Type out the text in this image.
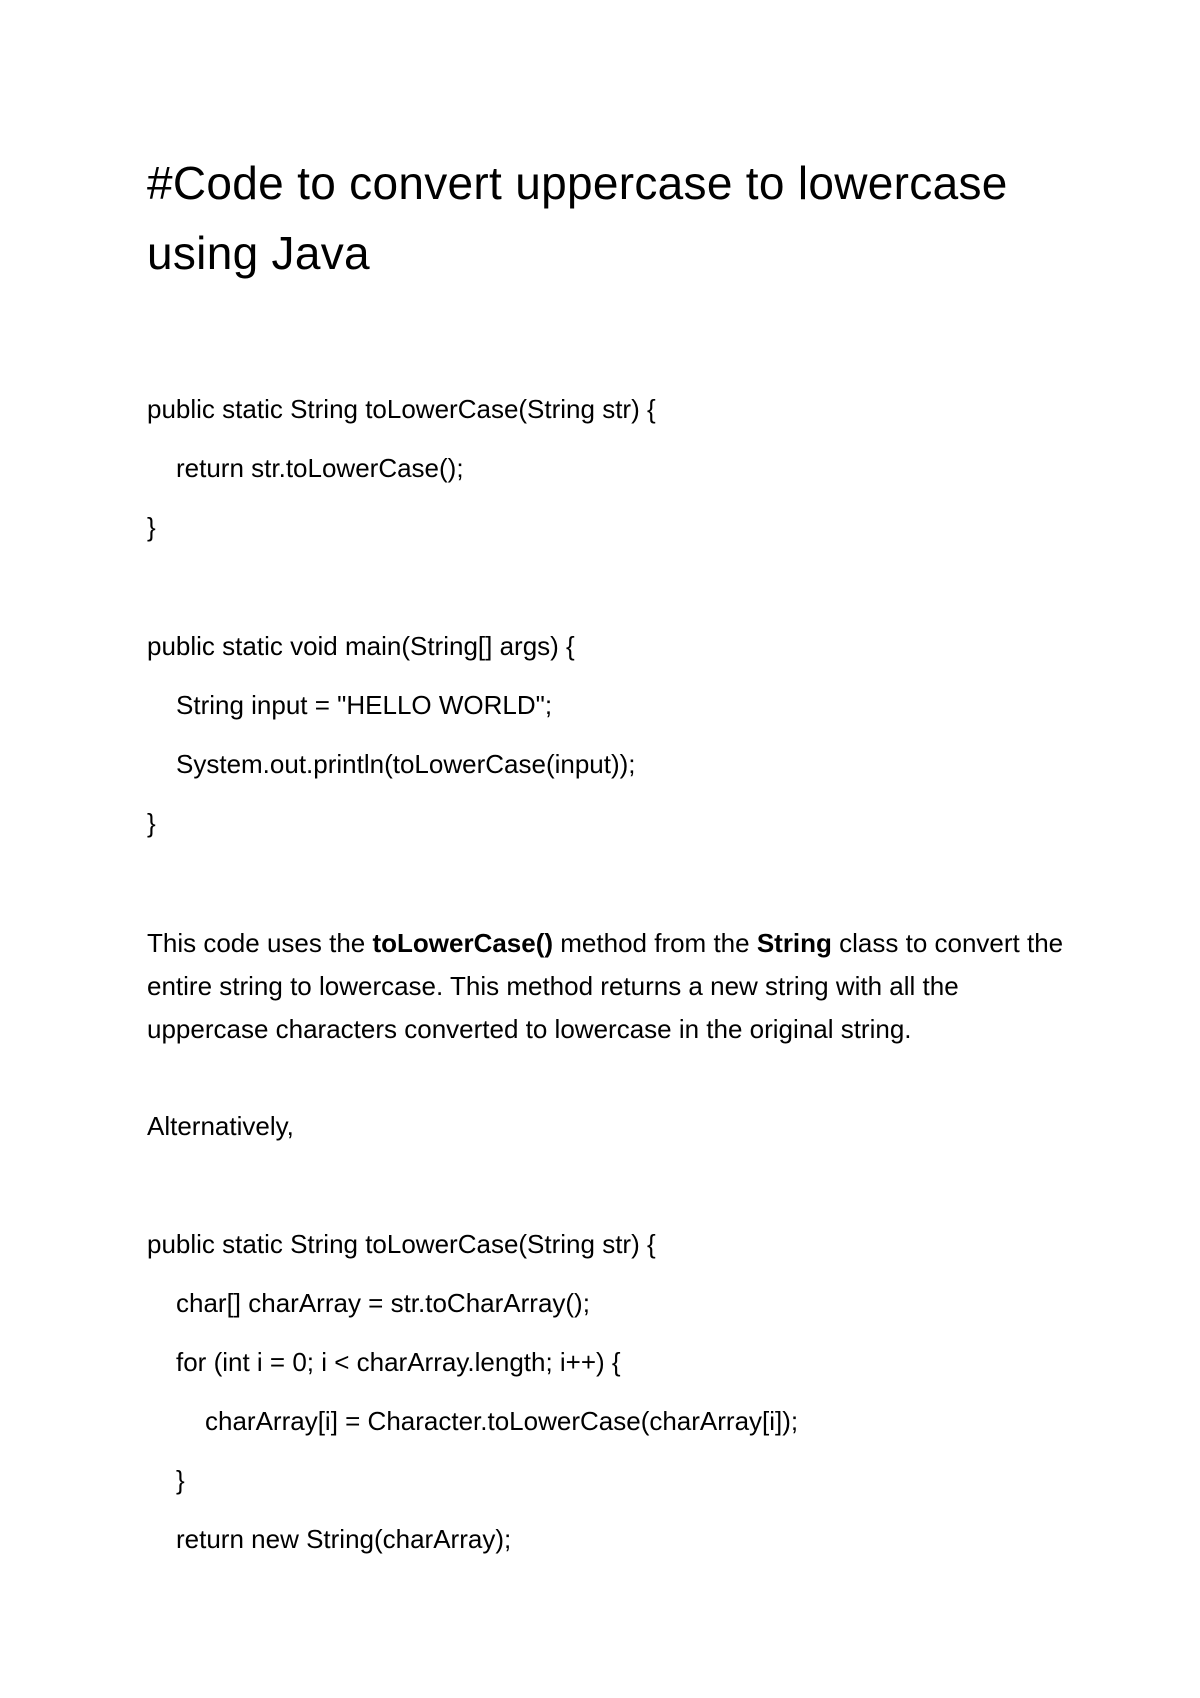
#Code to convert uppercase to lowercase using Java
public static String toLowerCase(String str) {
return str.toLowerCase();
}
public static void main(String[] args) {
String input = "HELLO WORLD";
System.out.println(toLowerCase(input));
}

This code uses the toLowerCase() method from the String class to convert the entire string to lowercase. This method returns a new string with all the uppercase characters converted to lowercase in the original string.

Alternatively,
public static String toLowerCase(String str) {
char[] charArray = str.toCharArray();
for (int i = 0; i < charArray.length; i++) {
charArray[i] = Character.toLowerCase(charArray[i]);
}
return new String(charArray);
